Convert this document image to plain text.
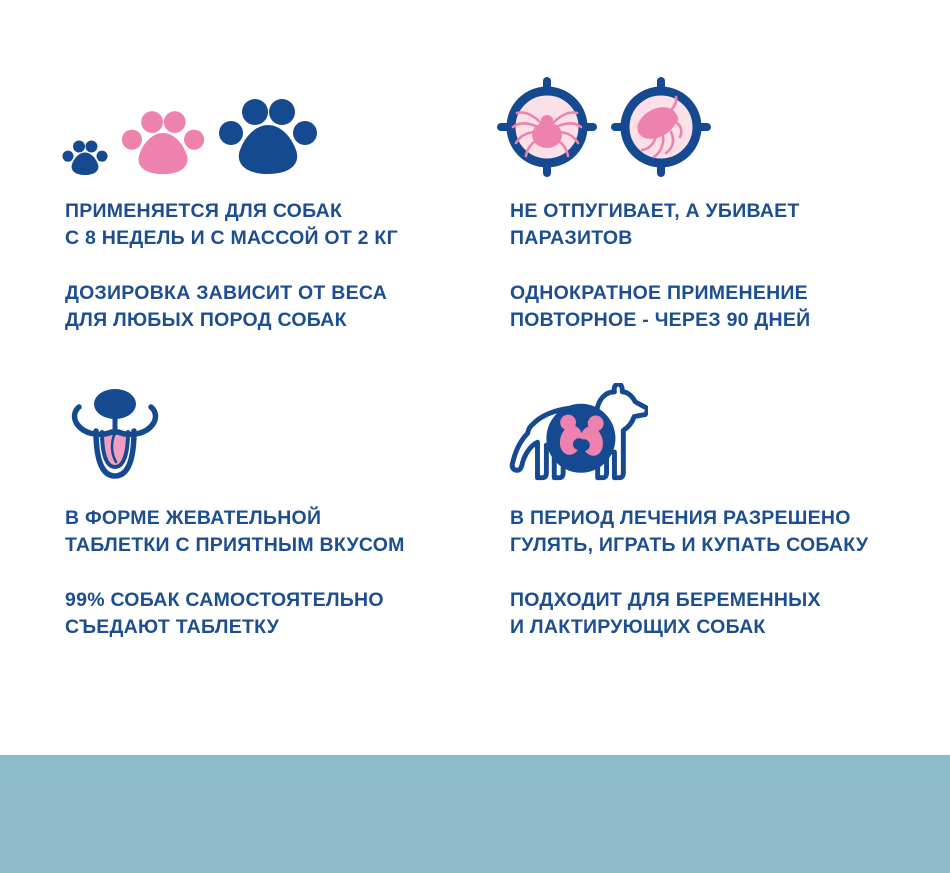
ПРИМЕНЯЕТСЯ ДЛЯ СОБАК
С 8 НЕДЕЛЬ И С МАССОЙ ОТ 2 КГ
ДОЗИРОВКА ЗАВИСИТ ОТ ВЕСА
ДЛЯ ЛЮБЫХ ПОРОД СОБАК
НЕ ОТПУГИВАЕТ, А УБИВАЕТ
ПАРАЗИТОВ
ОДНОКРАТНОЕ ПРИМЕНЕНИЕ
ПОВТОРНОЕ - ЧЕРЕЗ 90 ДНЕЙ
В ФОРМЕ ЖЕВАТЕЛЬНОЙ
ТАБЛЕТКИ С ПРИЯТНЫМ ВКУСОМ
99% СОБАК САМОСТОЯТЕЛЬНО
СЪЕДАЮТ ТАБЛЕТКУ
В ПЕРИОД ЛЕЧЕНИЯ РАЗРЕШЕНО
ГУЛЯТЬ, ИГРАТЬ И КУПАТЬ СОБАКУ
ПОДХОДИТ ДЛЯ БЕРЕМЕННЫХ
И ЛАКТИРУЮЩИХ СОБАК
